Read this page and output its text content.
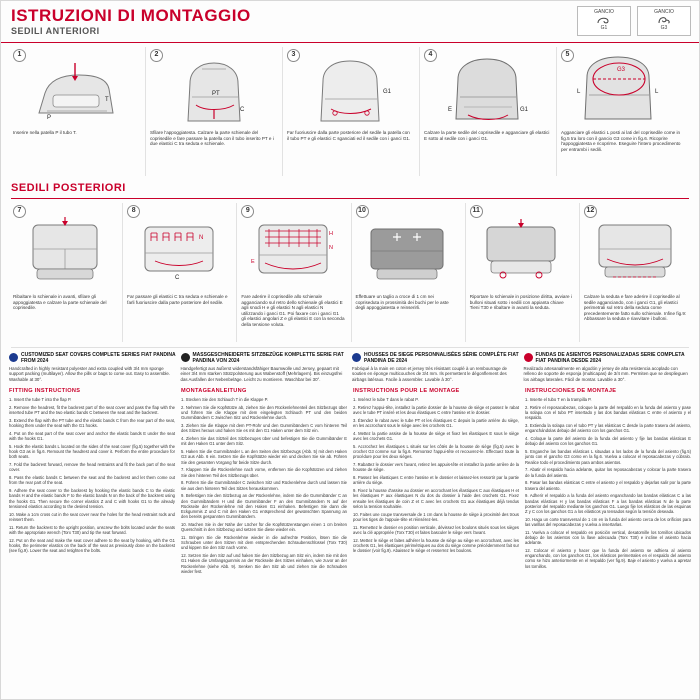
ISTRUZIONI DI MONTAGGIO
SEDILI ANTERIORI
GANCIO
G1
GANCIO
G3
1
T
P
Inserire nella patella P il tubo T.
2
PT
C
Sfilare l'appoggiatesta. Calzare la parte schienale del coprisedile e fare passare la patella con il tubo inserito PT e i due elastici C tra seduta e schienale.
3
G1
Far fuoriuscire dalla parte posteriore del sedile la patella con il tubo PT e gli elastici C sganciati ed il sedile con i ganci G1.
4
E	G1
Calzare la parte sedile del coprisedile e agganciare gli elastici E sotto al sedile con i ganci G1.
5
G3
L
L
Agganciare gli elastici L posti ai lati del coprisedile come in fig.5 tra loro con il gancio G3 come in fig.6. Ricoprire l'appoggiatesta e ricoprirne. Eseguire l'intero procedimento per entrambi i sedili.
SEDILI POSTERIORI
7
Ribaltare lo schienale in avanti, sfilare gli appoggiatesta e calzare la parte schienale del coprisedile.
8
N
C
Far passare gli elastici C tra seduta e schienale e farli fuoriuscire dalla parte posteriore del sedile.
9
H
N
E
Fare aderire il coprisedile allo schienale agganciando sul retro dello schienale gli elastici E agli snodi H e gli elastici N agli elastici N utilizzando i ganci G1. Poi faxare con i ganci G1 gli elastici angolari Z e gli elastici E con la seconda della tensione voluta.
10
Effettuare un taglio a croce di 1 cm nei copriseduta in prossimità dei buchi per le aste degli appoggiatesta e reinserirli.
11
Riportare lo schienale in posizione diritta, avviare i bulloni situati sotto i sedili con appianta chiave Tieni T30 e ribaltare in avanti la seduta.
12
Calzare la seduta e fare aderire il coprisedile al sedile agganciando, con i ganci G1, gli elastici perimetrali sul retro della seduta come precedentemente fatto sullo schienale. Infine fig.9: Abbassare la seduta e riavvitare i bulloni.
CUSTOMIZED SEAT COVERS COMPLETE SERIES FIAT PANDINA FROM 2024
Handcrafted in highly resistant polyester and extra coupled with 3/4 mm sponge support packing (multilayer). Allow the pills or bags to come out. Easy to assemble. Washable at 30°.
MASSGESCHNEIDERTE SITZBEZÜGE KOMPLETTE SERIE FIAT PANDINA VON 2024
Handgefertigt aus äußerst widerstandsfähiger Baumwolle und Jersey, gepaart mit einer 3/4 mm starken Stützpolsterung aus Wabenstoff (Mehrlagern). Bis einzugsfrei das Ausfallen der Nebenbeläge. Leicht zu montieren. Waschbar bei 30°.
HOUSSES DE SIEGE PERSONNALISÉES SÉRIE COMPLÈTE FIAT PANDINA DE 2024
Fabriqué à la main en coton et jersey très résistant couplé à un rembourrage de soutien en éponge multicouches de 3/4 mm. Ils permettent le dégonflement des airbags latéraux. Facile à assembler. Lavable à 30°.
FUNDAS DE ASIENTOS PERSONALIZADAS SERIE COMPLETA FIAT PANDINA DESDE 2024
Realizado artesanalmente en algodón y jersey de alta resistencia acoplado con relleno de soporte de esponja (multicapas) de 3/4 mm. Permiten que se desplieguen los airbags laterales. Fácil de montar. Lavable a 30°.
FITTING INSTRUCTIONS

1. Insert the tube T into the flap P.

2. Remove the headrest, fit the backrest part of the seat cover and pass the flap with the inserted tube PT and the two elastic bands C between the seat and the backrest.

3. Extend the flap with the PT tube and the elastic bands C from the rear part of the seat, hooking them under the seat with the G1 hooks.

4. Put on the seat part of the seat cover and anchor the elastic bands E under the seat with the hooks G1.

5. Hook the elastic bands L located on the sides of the seat cover (fig.5) together with the hook G3 as in fig.6. Remount the headrest and cover it. Perform the entire procedure for both seats.

7. Fold the backrest forward, remove the head restraints and fit the back part of the seat cover.

8. Pass the elastic bands C between the seat and the backrest and let them come out from the rear part of the seat.

9. Adhere the seat cover to the backrest by hooking the elastic bands C to the elastic bands H and the elastic bands F to the elastic bands N on the back of the backrest using the hooks G1. Then secure the corner elastics Z and C with hooks G1 to the already tensioned elastics according to the desired tension.

10. Make a 1cm cross cut in the seat cover near the holes for the head restraint rods and reinsert them.

11. Return the backrest to the upright position, unscrew the bolts located under the seats with the appropriate wrench (Torx T30) and tip the seat forward.

12. Put on the seat and make the seat cover adhere to the seat by hooking, with the G1 hooks, the perimeter elastics on the back of the seat as previously done on the backrest (see fig.9). Lower the seat and retighten the bolts.

MONTAGEANLEITUNG

1. Stecken Sie den Schlauch T in die Klappe P.

2. Nehmen Sie die Kopfstütze ab, ziehen Sie den Rückenlehnenteil des Sitzbezugs über und führen Sie die Klappe mit dem eingelegten Schlauch PT und den beiden Gummibändern C zwischen Sitz und Rückenlehne durch.

3. Ziehen Sie die Klappe mit dem PT-Rohr und den Gummibändern C vom hinteren Teil des Sitzes heraus und haken Sie es mit den G1 Haken unter dem Sitz ein.

4. Ziehen Sie das Sitzteil des Sitzbezuges über und befestigen Sie die Gummibänder E mit den Haken G1 unter dem Sitz.

5. Haken Sie die Gummibänder L an den Seiten des Sitzbezugs (Abb. 5) mit dem Haken G3 aus Abb. 6 ein. Setzen Sie die Kopfstütze wieder ein und decken Sie sie ab. Führen Sie den gesamten Vorgang für beide Sitze durch.

7. Klappen Sie die Rückenlehne nach vorne, entfernen Sie die Kopfstützen und ziehen Sie den hinteren Teil des Sitzbezugs über.

8. Führen Sie die Gummibänder C zwischen Sitz und Rückenlehne durch und lassen Sie sie aus dem hinteren Teil des Sitzes herauskommen.

9. Befestigen Sie den Sitzbezug an der Rückenlehne, indem Sie die Gummibänder C an den Gummibändern H und die Gummibänder F an den Gummibändern N auf der Rückseite der Rückenlehne mit den Haken G1 einhaken. Befestigen Sie dann die Eckgummis Z und C mit den Haken G1 entsprechend der gewünschten Spannung an den bereits gespannten Gummibändern.

10. Machen Sie in der Nähe der Löcher für die Kopfstützenstangen einen 1 cm breiten Querschnitt in den Sitzbezug und setzen Sie diese wieder ein.

11. Bringen Sie die Rückenlehne wieder in die aufrechte Position, lösen Sie die Schrauben unter den Sitzen mit dem entsprechenden Schraubenschlüssel (Torx T30) und kippen Sie den Sitz nach vorne.

12. Setzen Sie den Sitz auf und haken Sie den Sitzbezug am Sitz ein, indem Sie mit den G1 Haken die Umfangsgummis an der Rückseite des Sitzes einhaken, wie zuvor an der Rückenlehne (siehe Abb. 9). Senken Sie den Sitz ab und ziehen Sie die Schrauben wieder fest.

INSTRUCTIONS POUR LE MONTAGE

1. Insérez le tube T dans le rabat P.

2. Retirez l'appui-tête, installez la partie dossier de la housse de siège et passez le rabat avec le tube PT inséré et les deux élastiques C entre l'assise et le dossier.

3. Étendez le rabat avec le tube PT et les élastiques C depuis la partie arrière du siège, en les accrochant sous le siège avec les crochets G1.

4. Mettez la partie assise de la housse de siège et fixez les élastiques E sous le siège avec les crochets G1.

5. Accrochez les élastiques L situés sur les côtés de la housse de siège (fig.5) avec le crochet G3 comme sur la fig.6. Remontez l'appui-tête et recouvrez-le. Effectuez toute la procédure pour les deux sièges.

7. Rabattez le dossier vers l'avant, retirez les appuis-tête et installez la partie arrière de la housse de siège.

8. Passez les élastiques C entre l'assise et le dossier et laissez-les ressortir par la partie arrière du siège.

9. Fixez la housse d'assise au dossier en accrochant les élastiques C aux élastiques H et les élastiques F aux élastiques N du dos du dossier à l'aide des crochets G1. Fixez ensuite les élastiques de coin Z et C avec les crochets G1 aux élastiques déjà tendus selon la tension souhaitée.

10. Faites une coupe transversale de 1 cm dans la housse de siège à proximité des trous pour les tiges de l'appuie-tête et réinsérez-les.

11. Remettez le dossier en position verticale, dévissez les boulons situés sous les sièges avec la clé appropriée (Torx T30) et faites basculer le siège vers l'avant.

12. Mettez le siège et faites adhérer la housse de siège au siège en accrochant, avec les crochets G1, les élastiques périmétriques au dos du siège comme précédemment fait sur le dossier (voir fig.9). Abaissez le siège et resserrez les boulons.

INSTRUCCIONES DE MONTAJE

1. Inserte el tubo T en la trampilla P.

2. Retire el reposacabezas, coloque la parte del respaldo en la funda del asiento y pase la solapa con el tubo PT insertado y las dos bandas elásticas C entre el asiento y el respaldo.

3. Extienda la solapa con el tubo PT y las elásticas C desde la parte trasera del asiento, enganchándolas debajo del asiento con los ganchos G1.

4. Coloque la parte del asiento de la funda del asiento y fije las bandas elásticas E debajo del asiento con los ganchos G1.

5. Enganche las bandas elásticas L situadas a los lados de la funda del asiento (fig.5) junto con el gancho G3 como en la fig.6. Vuelva a colocar el reposacabezas y cúbralo. Realice todo el procedimiento para ambos asientos.

7. Abatir el respaldo hacia adelante, quitar los reposacabezas y colocar la parte trasera de la funda del asiento.

8. Pasar las bandas elásticas C entre el asiento y el respaldo y dejarlas salir por la parte trasera del asiento.

9. Adherir el respaldo a la funda del asiento enganchando las bandas elásticas C a las bandas elásticas H y las bandas elásticas F a las bandas elásticas N de la parte posterior del respaldo mediante los ganchos G1. Luego fije los elásticos de las esquinas Z y C con los ganchos G1 a los elásticos ya tensados según la tensión deseada.

10. Haga un corte transversal de 1 cm en la funda del asiento cerca de los orificios para las varillas del reposacabezas y vuelva a insertarlas.

11. Vuelva a colocar el respaldo en posición vertical, desatornille los tornillos ubicados debajo de los asientos con la llave adecuada (Torx T30) e incline el asiento hacia adelante.

12. Colocar el asiento y hacer que la funda del asiento se adhiera al asiento enganchando, con los ganchos G1, los elásticos perimetrales en el respaldo del asiento como se hizo anteriormente en el respaldo (ver fig.9). Baje el asiento y vuelva a apretar los tornillos.
